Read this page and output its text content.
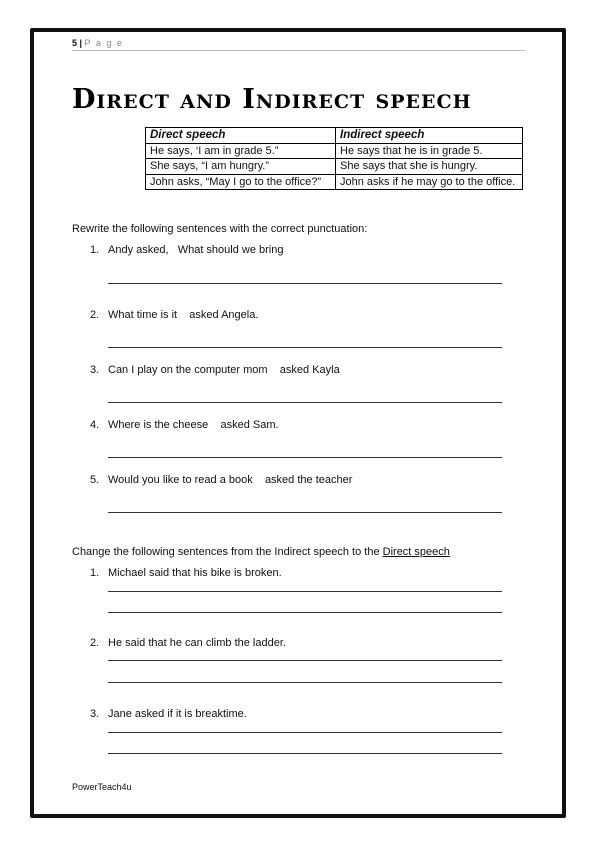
5 | P a g e
Direct and Indirect speech
Direct speech	Indirect speech
He says, ‘I am in grade 5.”	He says that he is in grade 5.
She says, “I am hungry.”	She says that she is hungry.
John asks, “May I go to the office?”	John asks if he may go to the office.
Rewrite the following sentences with the correct punctuation:
1. Andy asked,   What should we bring
2. What time is it    asked Angela.
3. Can I play on the computer mom    asked Kayla
4. Where is the cheese    asked Sam.
5. Would you like to read a book    asked the teacher
Change the following sentences from the Indirect speech to the Direct speech
1. Michael said that his bike is broken.
2. He said that he can climb the ladder.
3. Jane asked if it is breaktime.
PowerTeach4u
